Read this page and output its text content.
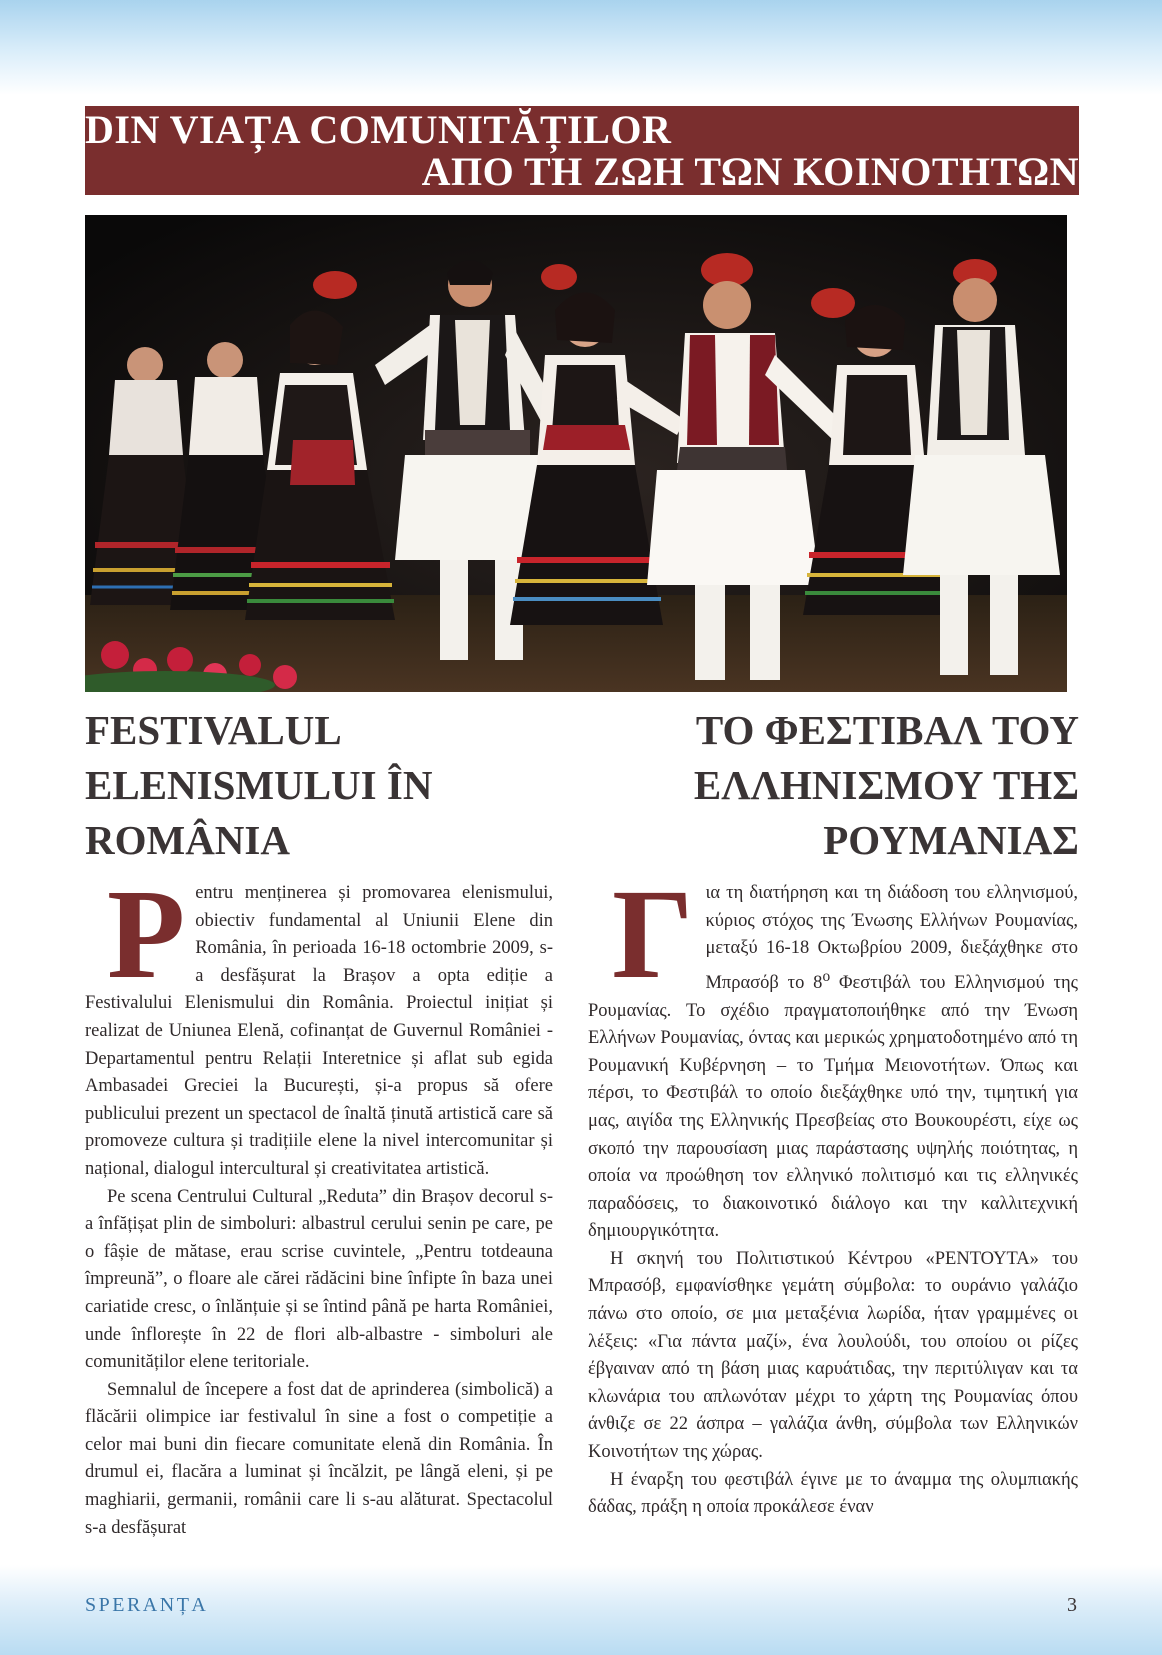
DIN VIAȚA COMUNITĂȚILOR
ΑΠΟ ΤΗ ΖΩΗ ΤΩΝ ΚΟΙΝΟΤΗΤΩΝ
FESTIVALUL
ELENISMULUI ÎN
ROMÂNIA
ΤΟ ΦΕΣΤΙΒΑΛ ΤΟΥ
ΕΛΛΗΝΙΣΜΟΥ ΤΗΣ
ΡΟΥΜΑΝΙΑΣ

Pentru menținerea și promovarea elenismului, obiectiv fundamental al Uniunii Elene din România, în perioada 16-18 octombrie 2009, s-a desfășurat la Brașov a opta ediție a Festivalului Elenismului din România. Proiectul inițiat și realizat de Uniunea Elenă, cofinanțat de Guvernul României - Departamentul pentru Relații Interetnice și aflat sub egida Ambasadei Greciei la București, și-a propus să ofere publicului prezent un spectacol de înaltă ținută artistică care să promoveze cultura și tradițiile elene la nivel intercomunitar și național, dialogul intercultural și creativitatea artistică.

Pe scena Centrului Cultural „Reduta” din Brașov decorul s-a înfățișat plin de simboluri: albastrul cerului senin pe care, pe o fâșie de mătase, erau scrise cuvintele, „Pentru totdeauna împreună”, o floare ale cărei rădăcini bine înfipte în baza unei cariatide cresc, o înlănțuie și se întind până pe harta României, unde înflorește în 22 de flori alb-albastre - simboluri ale comunităților elene teritoriale.

Semnalul de începere a fost dat de aprinderea (simbolică) a flăcării olimpice iar festivalul în sine a fost o competiție a celor mai buni din fiecare comunitate elenă din România. În drumul ei, flacăra a luminat și încălzit, pe lângă eleni, și pe maghiarii, germanii, românii care li s-au alăturat. Spectacolul s-a desfășurat

Για τη διατήρηση και τη διάδοση του ελληνισμού, κύριος στόχος της Ένωσης Ελλήνων Ρουμανίας, μεταξύ 16-18 Οκτωβρίου 2009, διεξάχθηκε στο Μπρασόβ το $8^o$ Φεστιβάλ του Ελληνισμού της Ρουμανίας. Το σχέδιο πραγματοποιήθηκε από την Ένωση Ελλήνων Ρουμανίας, όντας και μερικώς χρηματοδοτημένο από τη Ρουμανική Κυβέρνηση – το Τμήμα Μειονοτήτων. Όπως και πέρσι, το Φεστιβάλ το οποίο διεξάχθηκε υπό την, τιμητική για μας, αιγίδα της Ελληνικής Πρεσβείας στο Βουκουρέστι, είχε ως σκοπό την παρουσίαση μιας παράστασης υψηλής ποιότητας, η οποία να προώθηση τον ελληνικό πολιτισμό και τις ελληνικές παραδόσεις, το διακοινοτικό διάλογο και την καλλιτεχνική δημιουργικότητα.

Η σκηνή του Πολιτιστικού Κέντρου «ΡΕΝΤΟΥΤΑ» του Μπρασόβ, εμφανίσθηκε γεμάτη σύμβολα: το ουράνιο γαλάζιο πάνω στο οποίο, σε μια μεταξένια λωρίδα, ήταν γραμμένες οι λέξεις: «Για πάντα μαζί», ένα λουλούδι, του οποίου οι ρίζες έβγαιναν από τη βάση μιας καρυάτιδας, την περιτύλιγαν και τα κλωνάρια του απλωνόταν μέχρι το χάρτη της Ρουμανίας όπου άνθιζε σε 22 άσπρα – γαλάζια άνθη, σύμβολα των Ελληνικών Κοινοτήτων της χώρας.

Η έναρξη του φεστιβάλ έγινε με το άναμμα της ολυμπιακής δάδας, πράξη η οποία προκάλεσε έναν

SPERANȚA	3
